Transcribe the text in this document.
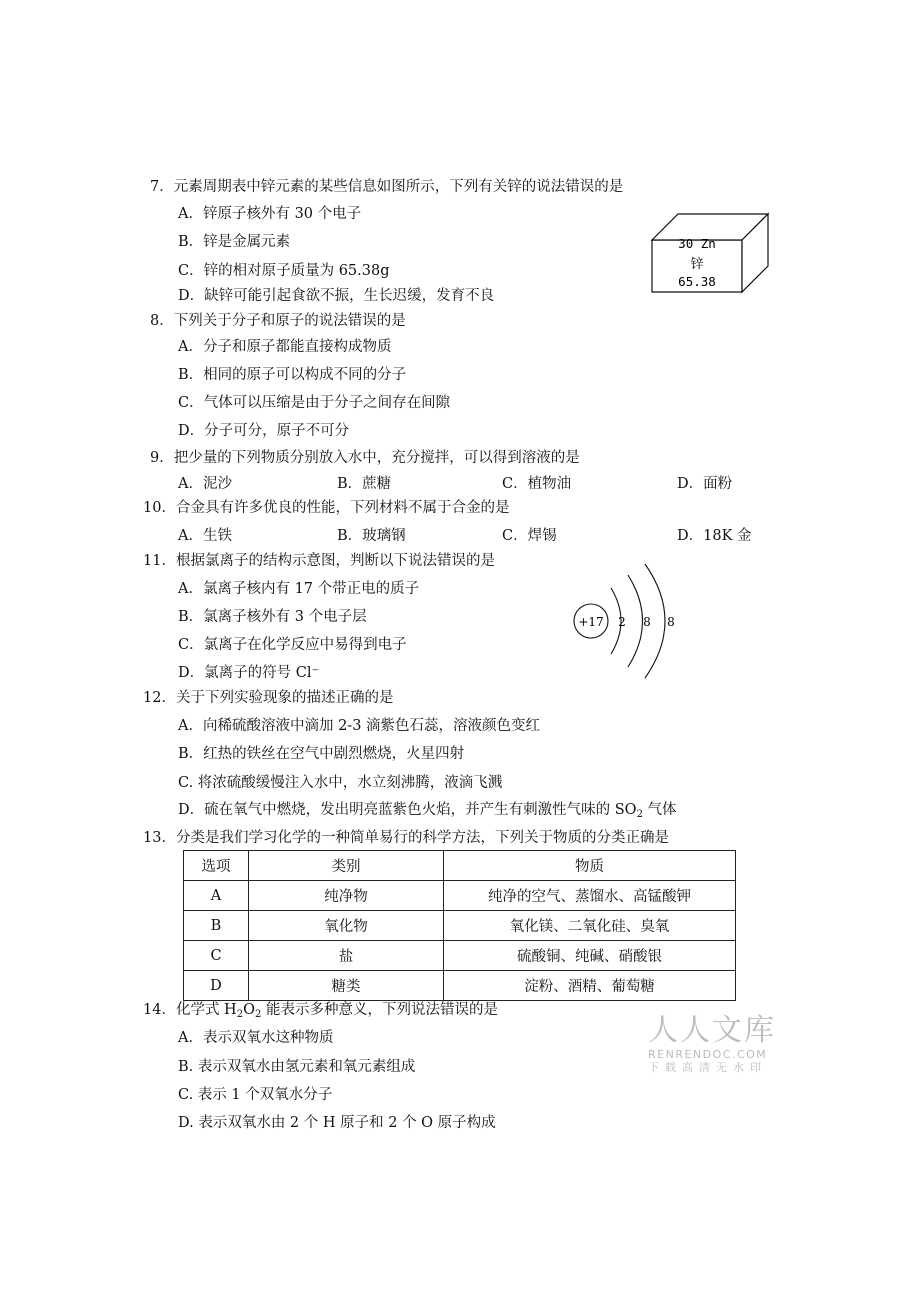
7．元素周期表中锌元素的某些信息如图所示，下列有关锌的说法错误的是
A．锌原子核外有 30 个电子
B．锌是金属元素
C．锌的相对原子质量为 65.38g
D．缺锌可能引起食欲不振，生长迟缓，发育不良
30 Zn
锌
65.38
8．下列关于分子和原子的说法错误的是
A．分子和原子都能直接构成物质
B．相同的原子可以构成不同的分子
C．气体可以压缩是由于分子之间存在间隙
D．分子可分，原子不可分
9．把少量的下列物质分别放入水中，充分搅拌，可以得到溶液的是
A．泥沙	B．蔗糖	C．植物油	D．面粉
10．合金具有许多优良的性能，下列材料不属于合金的是
A．生铁	B．玻璃钢	C．焊锡	D．18K 金
11．根据氯离子的结构示意图，判断以下说法错误的是
A．氯离子核内有 17 个带正电的质子
B．氯离子核外有 3 个电子层
C．氯离子在化学反应中易得到电子
D．氯离子的符号 Cl⁻
+17 2 8 8
12．关于下列实验现象的描述正确的是
A．向稀硫酸溶液中滴加 2-3 滴紫色石蕊，溶液颜色变红
B．红热的铁丝在空气中剧烈燃烧，火星四射
C. 将浓硫酸缓慢注入水中，水立刻沸腾，液滴飞溅
D．硫在氧气中燃烧，发出明亮蓝紫色火焰，并产生有刺激性气味的 $SO_2$ 气体
13．分类是我们学习化学的一种简单易行的科学方法，下列关于物质的分类正确是
选项	类别	物质
A	纯净物	纯净的空气、蒸馏水、高锰酸钾
B	氧化物	氧化镁、二氧化硅、臭氧
C	盐	硫酸铜、纯碱、硝酸银
D	糖类	淀粉、酒精、葡萄糖
14．化学式 $H_2O_2$ 能表示多种意义，下列说法错误的是
A．表示双氧水这种物质
B. 表示双氧水由氢元素和氧元素组成
C. 表示 1 个双氧水分子
D. 表示双氧水由 2 个 H 原子和 2 个 O 原子构成
人人文库
RENRENDOC.COM
下载高清无水印
